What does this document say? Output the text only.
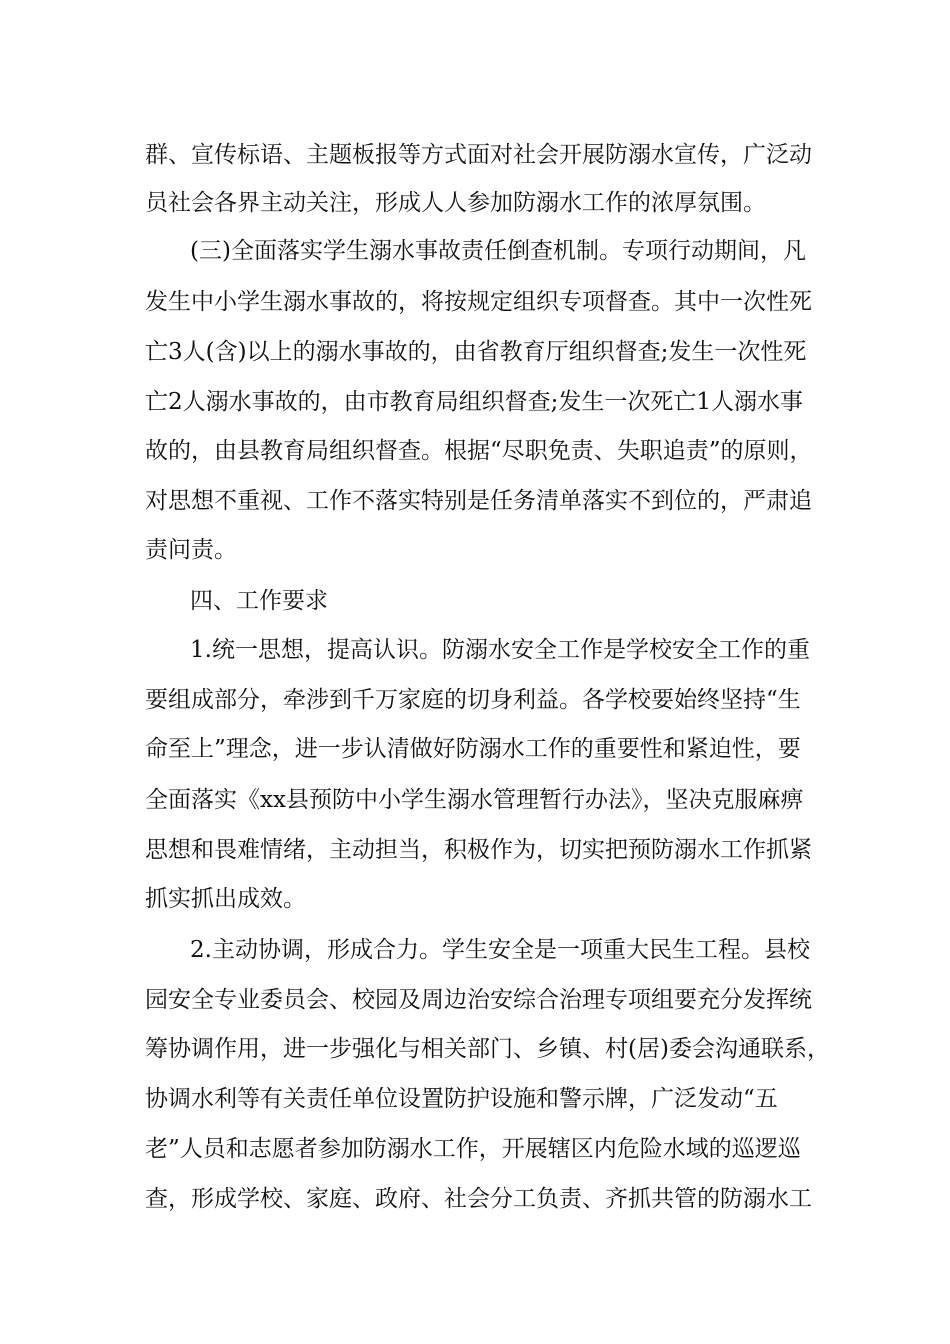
群、宣传标语、主题板报等方式面对社会开展防溺水宣传，广泛动
员社会各界主动关注，形成人人参加防溺水工作的浓厚氛围。
(三)全面落实学生溺水事故责任倒查机制。专项行动期间，凡
发生中小学生溺水事故的，将按规定组织专项督查。其中一次性死
亡3人(含)以上的溺水事故的，由省教育厅组织督查;发生一次性死
亡2人溺水事故的，由市教育局组织督查;发生一次死亡1人溺水事
故的，由县教育局组织督查。根据“尽职免责、失职追责”的原则，
对思想不重视、工作不落实特别是任务清单落实不到位的，严肃追
责问责。
四、工作要求
1.统一思想，提高认识。防溺水安全工作是学校安全工作的重
要组成部分，牵涉到千万家庭的切身利益。各学校要始终坚持“生
命至上”理念，进一步认清做好防溺水工作的重要性和紧迫性，要
全面落实《xx县预防中小学生溺水管理暂行办法》，坚决克服麻痹
思想和畏难情绪，主动担当，积极作为，切实把预防溺水工作抓紧
抓实抓出成效。
2.主动协调，形成合力。学生安全是一项重大民生工程。县校
园安全专业委员会、校园及周边治安综合治理专项组要充分发挥统
筹协调作用，进一步强化与相关部门、乡镇、村(居)委会沟通联系，
协调水利等有关责任单位设置防护设施和警示牌，广泛发动“五
老”人员和志愿者参加防溺水工作，开展辖区内危险水域的巡逻巡
查，形成学校、家庭、政府、社会分工负责、齐抓共管的防溺水工
